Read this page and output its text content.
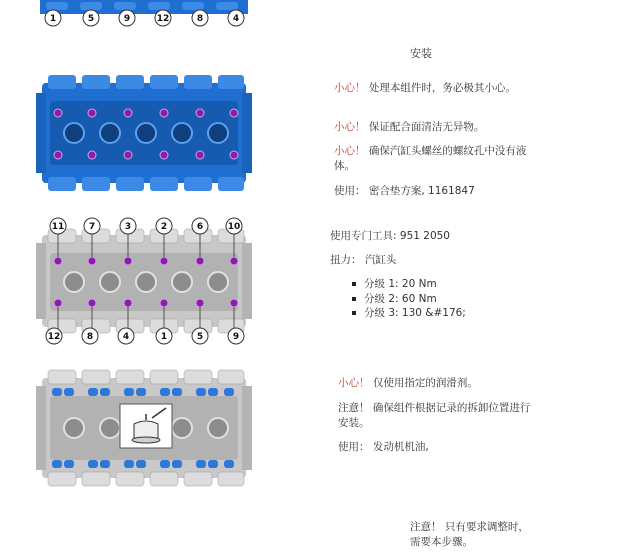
1	5	9	12	8	4
11	7	3	2	6	10
12	8	4	1	5	9
安装
小心！ 处理本组件时，务必极其小心。
小心！ 保证配合面清洁无异物。
小心！ 确保汽缸头螺丝的螺纹孔中没有液体。
使用： 密合垫方案, 1161847
使用专门工具: 951 2050
扭力： 汽缸头
分级 1: 20 Nm
分级 2: 60 Nm
分级 3: 130 &#176;
小心！ 仅使用指定的润滑剂。
注意！ 确保组件根据记录的拆卸位置进行安装。
使用： 发动机机油,
注意！ 只有要求调整时，需要本步骤。
